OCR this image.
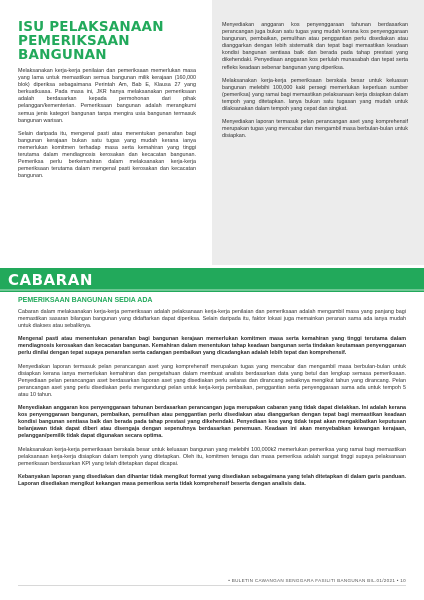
ISU PELAKSANAAN
PEMERIKSAAN BANGUNAN

Melaksanakan kerja-kerja penilaian dan pemeriksaan memerlukan masa yang lama untuk memastikan semua bangunan milik kerajaan (160,000 blok) diperiksa sebagaimana Perintah Am, Bab E, Klausa 27 yang berkuatkuasa. Pada masa ini, JKR hanya melaksanakan pemeriksaan adalah berdasarkan kepada permohonan dari pihak pelanggan/kementerian. Pemeriksaan bangunan adalah merangkumi semua jenis kategori bangunan tanpa mengira usia bangunan termasuk bangunan warisan.

Selain daripada itu, mengenal pasti atau menentukan penarafan bagi bangunan kerajaan bukan satu tugas yang mudah kerana ianya memerlukan komitmen terhadap masa serta kemahiran yang tinggi terutama dalam mendiagnosis kerosakan dan kecacatan bangunan. Pemeriksa perlu berkemahiran dalam melaksanakan kerja-kerja pemeriksaan terutama dalam mengenal pasti kerosakan dan kecacatan bangunan.

Menyediakan anggaran kos penyenggaraan tahunan berdasarkan perancangan juga bukan satu tugas yang mudah kerana kos penyenggaraan bangunan, pembaikan, pemulihan atau penggantian perlu disediakan atau dianggarkan dengan lebih sistematik dan tepat bagi memastikan keadaan kondisi bangunan sentiasa baik dan berada pada tahap prestasi yang dikehendaki. Penyediaan anggaran kos perlulah munasabah dan tepat serta refleks keadaan sebenar bangunan yang diperiksa.

Melaksanakan kerja-kerja pemeriksaan berskala besar untuk keluasan bangunan melebihi 100,000 kaki persegi memerlukan keperluan sumber (pemeriksa) yang ramai bagi memastikan pelaksanaan kerja disiapkan dalam tempoh yang ditetapkan. Ianya bukan satu tugasan yang mudah untuk dilaksanakan dalam tempoh yang cepat dan singkat.

Menyediakan laporan termasuk pelan perancangan aset yang komprehensif merupakan tugas yang mencabar dan mengambil masa berbulan-bulan untuk disiapkan.

CABARAN
PEMERIKSAAN BANGUNAN SEDIA ADA

Cabaran dalam melaksanakan kerja-kerja pemeriksaan adalah pelaksanaan kerja-kerja penilaian dan pemeriksaan adalah mengambil masa yang panjang bagi memastikan sasaran bilangan bangunan yang didaftarkan dapat diperiksa. Selain daripada itu, faktor lokasi juga memainkan peranan sama ada ianya mudah untuk diakses atau sebaliknya.

Mengenal pasti atau menentukan penarafan bagi bangunan kerajaan memerlukan komitmen masa serta kemahiran yang tinggi terutama dalam mendiagnosis kerosakan dan kecacatan bangunan. Kemahiran dalam menentukan tahap keadaan bangunan serta tindakan keutamaan penyenggaraan perlu dinilai dengan tepat supaya penarafan serta cadangan pembaikan yang dicadangkan adalah lebih tepat dan komprehensif.

Menyediakan laporan termasuk pelan perancangan aset yang komprehensif merupakan tugas yang mencabar dan mengambil masa berbulan-bulan untuk disiapkan kerana ianya memerlukan kemahiran dan pengetahuan dalam membuat analisis berdasarkan data yang betul dan lengkap semasa pemeriksaan. Penyediaan pelan perancangan aset berdasarkan laporan aset yang disediakan perlu selaras dan dirancang sebaiknya mengikut tahun yang dirancang. Pelan perancangan aset yang perlu disediakan perlu mengandungi pelan untuk kerja-kerja pembaikan, penggantian serta penyenggaraan sama ada untuk tempoh 5 atau 10 tahun.

Menyediakan anggaran kos penyenggaraan tahunan berdasarkan perancangan juga merupakan cabaran yang tidak dapat dielakkan. Ini adalah kerana kos penyenggaraan bangunan, pembaikan, pemulihan atau penggantian perlu disediakan atau dianggarkan dengan tepat bagi memastikan keadaan kondisi bangunan sentiasa baik dan berada pada tahap prestasi yang dikehendaki. Penyediaan kos yang tidak tepat akan mengakibatkan keputusan belanjawan tidak dapat diberi atau disengaja dengan sepenuhnya berdasarkan penemuan. Keadaan ini akan menyebabkan kewangan kerajaan, pelanggan/pemilik tidak dapat digunakan secara optima.

Melaksanakan kerja-kerja pemeriksaan berskala besar untuk keluasan bangunan yang melebihi 100,000k2 memerlukan pemeriksa yang ramai bagi memastikan pelaksanaan kerja-kerja disiapkan dalam tempoh yang ditetapkan. Oleh itu, komitmen tenaga dan masa pemeriksa adalah sangat tinggi supaya pelaksanaan pemeriksaan berdasarkan KPI yang telah ditetapkan dapat dicapai.

Kebanyakan laporan yang disediakan dan dihantar tidak mengikut format yang disediakan sebagaimana yang telah ditetapkan di dalam garis panduan. Laporan disediakan mengikut kekangan masa pemeriksa serta tidak komprehensif beserta dengan analisis data.

• BULETIN CAWANGAN SENGGARA FASILITI BANGUNAN BIL.01/2021 • 10
